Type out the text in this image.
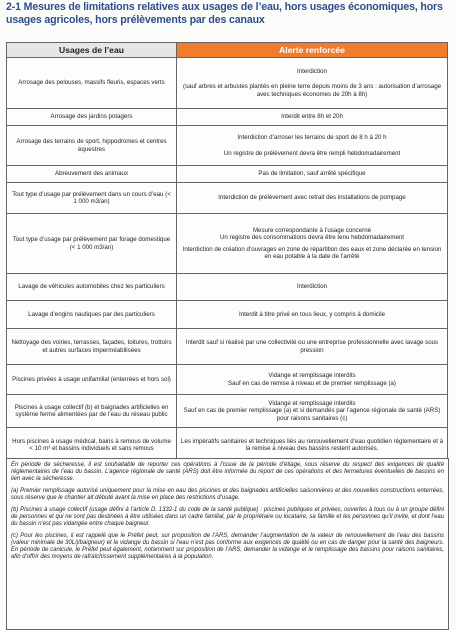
2-1 Mesures de limitations relatives aux usages de l’eau, hors usages économiques, hors usages agricoles, hors prélèvements par des canaux
Usages de l’eau	Alerte renforcée
Arrosage des pelouses, massifs fleuris, espaces verts	Interdiction
(sauf arbres et arbustes plantés en pleine terre depuis moins de 3 ans : autorisation d’arrosage avec techniques économes de 20h à 8h)

Arrosage des jardins potagers	Interdit entre 8h et 20h

Arrosage des terrains de sport, hippodromes et centres équestres	Interdiction d’arroser les terrains de sport de 8 h à 20 h
Un registre de prélèvement devra être rempli hebdomadairement

Abreuvement des animaux	Pas de limitation, sauf arrêté spécifique

Tout type d’usage par prélèvement dans un cours d’eau (< 1 000 m3/an)	Interdiction de prélèvement avec retrait des installations de pompage

Tout type d’usage par prélèvement par forage domestique (< 1 000 m3/an)	Mesure correspondante à l’usage concerné
Un registre des consommations devra être tenu hebdomadairement
Interdiction de création d’ouvrages en zone de répartition des eaux et zone déclarée en tension en eau potable à la date de l’arrêté

Lavage de véhicules automobiles chez les particuliers	Interdiction

Lavage d’engins nautiques par des particuliers	Interdit à titre privé en tous lieux, y compris à domicile

Nettoyage des voiries, terrasses, façades, toitures, trottoirs et autres surfaces imperméabilisées	Interdit sauf si réalisé par une collectivité ou une entreprise professionnelle avec lavage sous pression

Piscines privées à usage unifamilial (enterrées et hors sol)	Vidange et remplissage interdits
Sauf en cas de remise à niveau et de premier remplissage (a)

Piscines à usage collectif (b) et baignades artificielles en système fermé alimentées par de l’eau du réseau public	Vidange et remplissage interdits
Sauf en cas de premier remplissage (a) et si demandés par l’agence régionale de santé (ARS) pour raisons sanitaires (c)

Hors piscines à usage médical, bains à remous de volume < 10 m³ et bassins individuels et sans remous	Les impératifs sanitaires et techniques liés au renouvellement d’eau quotidien réglementaire et à la remise à niveau des bassins restent autorisés.

En période de sécheresse, il est souhaitable de reporter ces opérations à l’issue de la période d’étiage, sous réserve du respect des exigences de qualité réglementaires de l’eau du bassin. L’agence régionale de santé (ARS) doit être informée du report de ces opérations et des fermetures éventuelles de bassins en lien avec la sécheresse.

(a) Premier remplissage autorisé uniquement pour la mise en eau des piscines et des baignades artificielles saisonnières et des nouvelles constructions enterrées, sous réserve que le chantier ait débuté avant la mise en place des restrictions d’usage.

(b) Piscines à usage collectif (usage défini à l’article D. 1332-1 du code de la santé publique) : piscines publiques et privées, ouvertes à tous ou à un groupe défini de personnes et qui ne sont pas destinées à être utilisées dans un cadre familial, par le propriétaire ou locataire, sa famille et les personnes qu’il invite, et dont l’eau du bassin n’est pas vidangée entre chaque baigneur.

(c) Pour les piscines, il est rappelé que le Préfet peut, sur proposition de l’ARS, demander l’augmentation de la valeur de renouvellement de l’eau des bassins (valeur minimale de 30L/j/baigneur) et la vidange du bassin si l’eau n’est pas conforme aux exigences de qualité ou en cas de danger pour la santé des baigneurs. En période de canicule, le Préfet peut également, notamment sur proposition de l’ARS, demander la vidange et le remplissage des bassins pour raisons sanitaires, afin d’offrir des moyens de rafraîchissement supplémentaires à la population.
